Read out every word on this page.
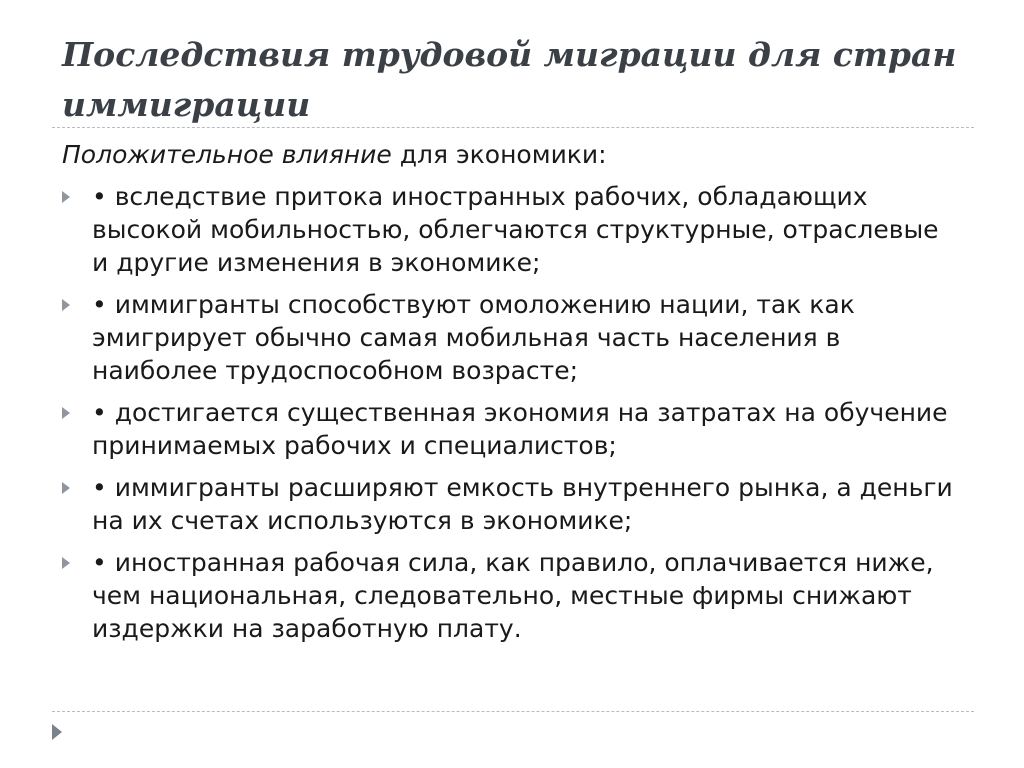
Последствия трудовой миграции для стран иммиграции
Положительное влияние для экономики:
• вследствие притока иностранных рабочих, обладающих высокой мобильностью, облегчаются структурные, отраслевые и другие изменения в экономике;
• иммигранты способствуют омоложению нации, так как эмигрирует обычно самая мобильная часть населения в наиболее трудоспособном возрасте;
• достигается существенная экономия на затратах на обучение принимаемых рабочих и специалистов;
• иммигранты расширяют емкость внутреннего рынка, а деньги на их счетах используются в экономике;
• иностранная рабочая сила, как правило, оплачивается ниже, чем национальная, следовательно, местные фирмы снижают издержки на заработную плату.
